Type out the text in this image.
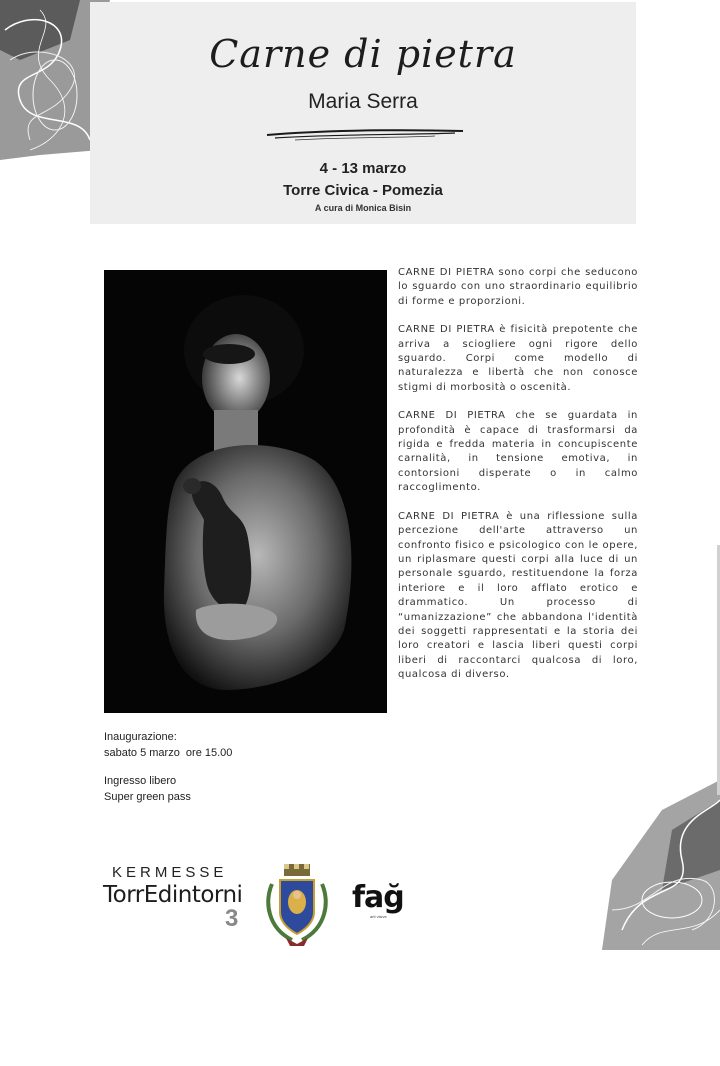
Carne di pietra
Maria Serra
4 - 13 marzo
Torre Civica - Pomezia
A cura di Monica Bisin

CARNE DI PIETRA sono corpi che seducono lo sguardo con uno straordinario equilibrio di forme e proporzioni.

CARNE DI PIETRA è fisicità prepotente che arriva a sciogliere ogni rigore dello sguardo. Corpi come modello di naturalezza e libertà che non conosce stigmi di morbosità o oscenità.

CARNE DI PIETRA che se guardata in profondità è capace di trasformarsi da rigida e fredda materia in concupiscente carnalità, in tensione emotiva, in contorsioni disperate o in calmo raccoglimento.

CARNE DI PIETRA è una riflessione sulla percezione dell'arte attraverso un confronto fisico e psicologico con le opere, un riplasmare questi corpi alla luce di un personale sguardo, restituendone la forza interiore e il loro afflato erotico e drammatico. Un processo di “umanizzazione” che abbandona l'identità dei soggetti rappresentati e la storia dei loro creatori e lascia liberi questi corpi liberi di raccontarci qualcosa di loro, qualcosa di diverso.

Inaugurazione:
sabato 5 marzo  ore 15.00
Ingresso libero
Super green pass
KERMESSE
TorrEdintorni
3
fağ
arti visive
